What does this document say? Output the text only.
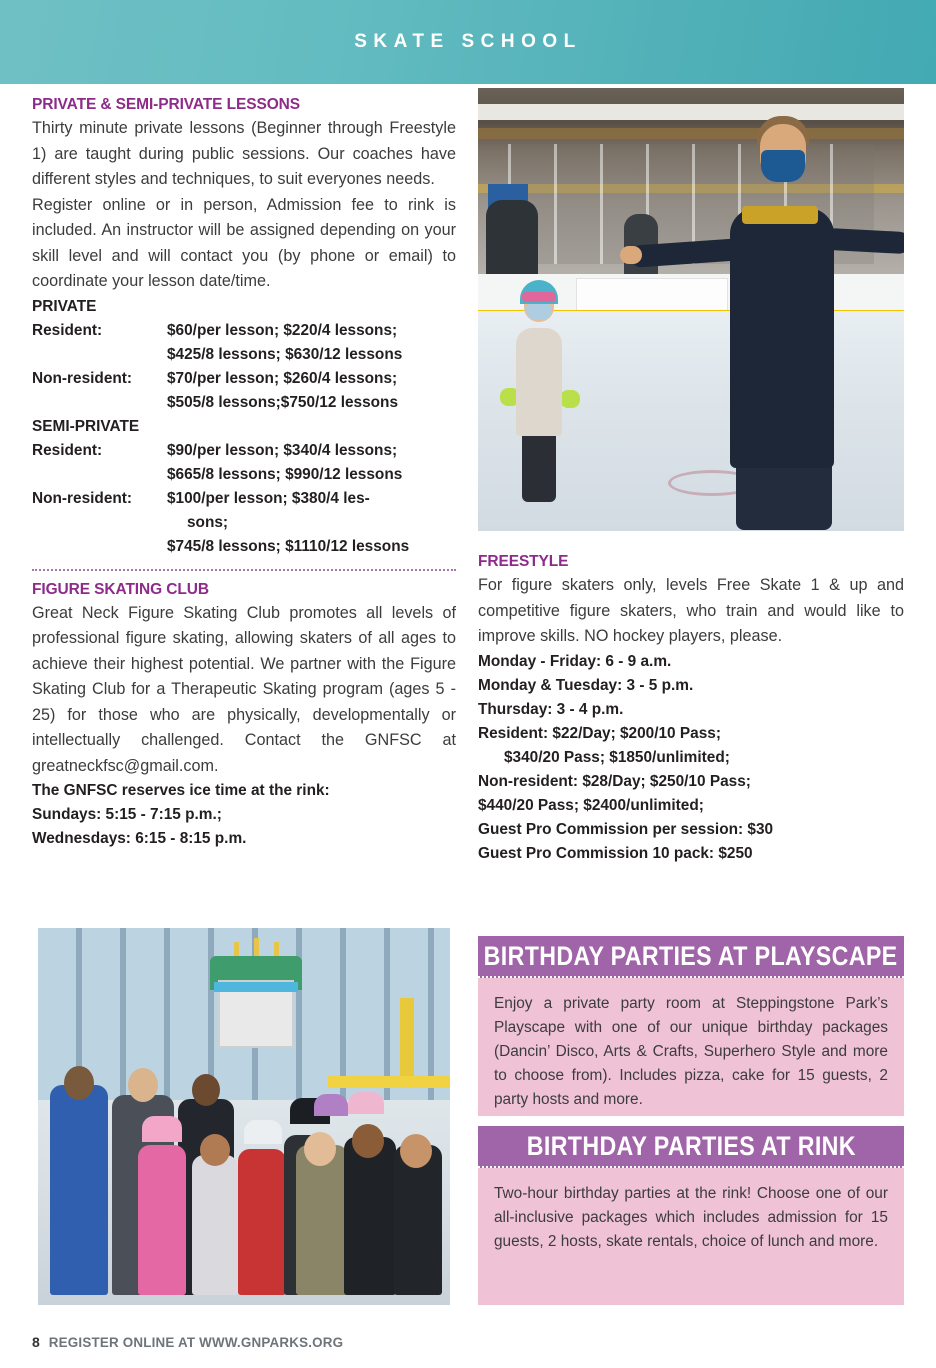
SKATE SCHOOL
PRIVATE & SEMI-PRIVATE LESSONS
Thirty minute private lessons (Beginner through Freestyle 1) are taught during public sessions. Our coaches have different styles and techniques, to suit everyones needs.
Register online or in person, Admission fee to rink is included. An instructor will be assigned depending on your skill level and will contact you (by phone or email) to coordinate your lesson date/time.
PRIVATE
Resident:	$60/per lesson; $220/4 lessons;
$425/8 lessons; $630/12 lessons
Non-resident:	$70/per lesson; $260/4 lessons;
$505/8 lessons;$750/12 lessons
SEMI-PRIVATE
Resident:	$90/per lesson; $340/4 lessons;
$665/8 lessons; $990/12 lessons
Non-resident:	$100/per lesson; $380/4 les-
sons;
$745/8 lessons; $1110/12 lessons
FIGURE SKATING CLUB
Great Neck Figure Skating Club promotes all levels of professional figure skating, allowing skaters of all ages to achieve their highest potential. We partner with the Figure Skating Club for a Therapeutic Skating program (ages 5 - 25) for those who are physically, developmentally or intellectually challenged. Contact the GNFSC at greatneckfsc@gmail.com.
The GNFSC reserves ice time at the rink:
Sundays: 5:15 - 7:15 p.m.;
Wednesdays: 6:15 - 8:15 p.m.
FREESTYLE
For figure skaters only, levels Free Skate 1 & up and competitive figure skaters, who train and would like to improve skills. NO hockey players, please.
Monday - Friday: 6 - 9 a.m.
Monday & Tuesday: 3 - 5 p.m.
Thursday: 3 - 4 p.m.
Resident: $22/Day; $200/10 Pass;
$340/20 Pass; $1850/unlimited;
Non-resident: $28/Day; $250/10 Pass;
$440/20 Pass; $2400/unlimited;
Guest Pro Commission per session: $30
Guest Pro Commission 10 pack: $250
BIRTHDAY PARTIES AT PLAYSCAPE
Enjoy a private party room at Steppingstone Park’s Playscape with one of our unique birthday packages (Dancin’ Disco, Arts & Crafts, Superhero Style and more to choose from). Includes pizza, cake for 15 guests, 2 party hosts and more.
BIRTHDAY PARTIES AT RINK
Two-hour birthday parties at the rink! Choose one of our all-inclusive packages which includes admission for 15 guests, 2 hosts, skate rentals, choice of lunch and more.
8 REGISTER ONLINE AT WWW.GNPARKS.ORG
